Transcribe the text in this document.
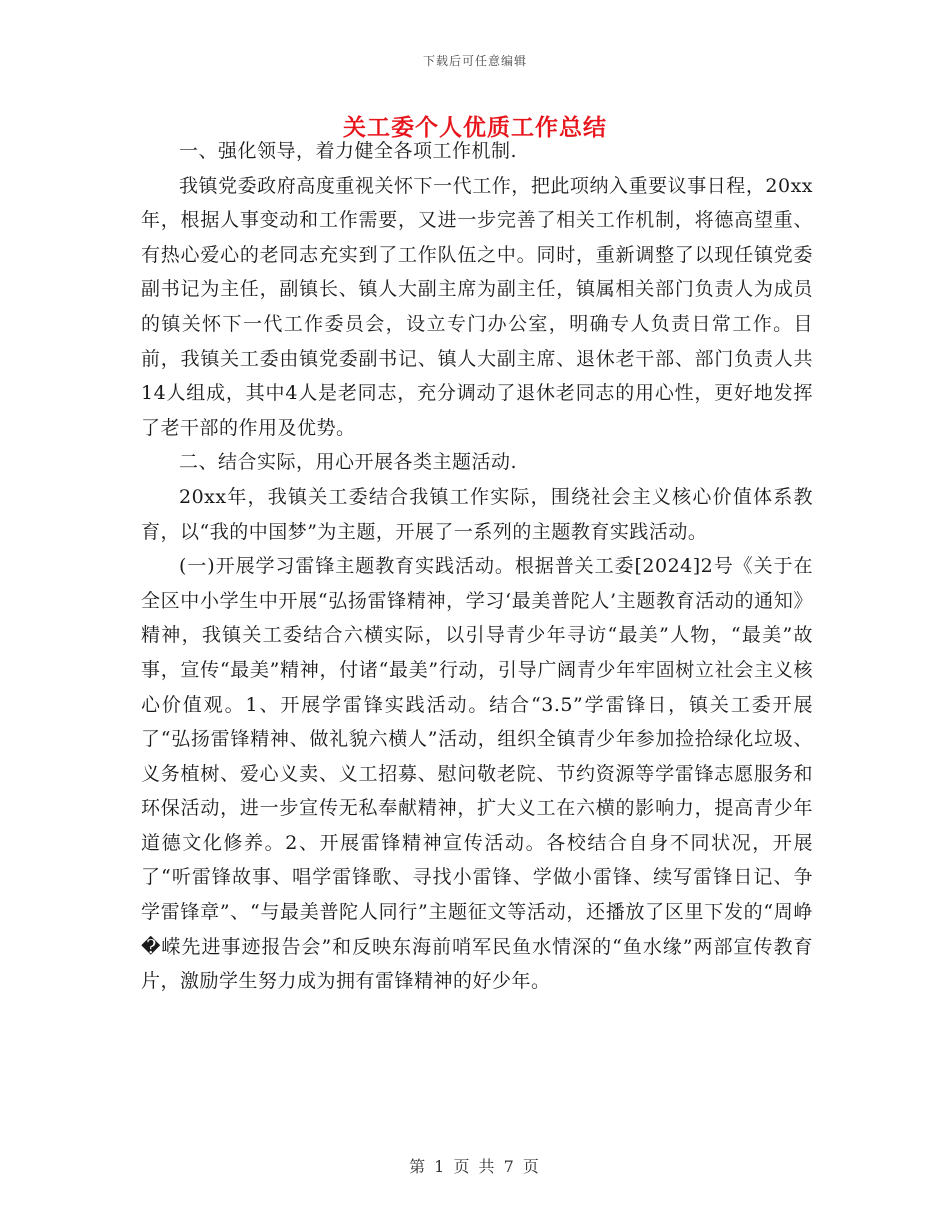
下载后可任意编辑
关工委个人优质工作总结

一、强化领导，着力健全各项工作机制.

我镇党委政府高度重视关怀下一代工作，把此项纳入重要议事日程，20xx年，根据人事变动和工作需要，又进一步完善了相关工作机制，将德高望重、有热心爱心的老同志充实到了工作队伍之中。同时，重新调整了以现任镇党委副书记为主任，副镇长、镇人大副主席为副主任，镇属相关部门负责人为成员的镇关怀下一代工作委员会，设立专门办公室，明确专人负责日常工作。目前，我镇关工委由镇党委副书记、镇人大副主席、退休老干部、部门负责人共14人组成，其中4人是老同志，充分调动了退休老同志的用心性，更好地发挥了老干部的作用及优势。

二、结合实际，用心开展各类主题活动.

20xx年，我镇关工委结合我镇工作实际，围绕社会主义核心价值体系教育，以“我的中国梦”为主题，开展了一系列的主题教育实践活动。

(一)开展学习雷锋主题教育实践活动。根据普关工委[2024]2号《关于在全区中小学生中开展“弘扬雷锋精神，学习‘最美普陀人’主题教育活动的通知》精神，我镇关工委结合六横实际，以引导青少年寻访“最美”人物，“最美”故事，宣传“最美”精神，付诸“最美”行动，引导广阔青少年牢固树立社会主义核心价值观。1、开展学雷锋实践活动。结合“3.5”学雷锋日，镇关工委开展了“弘扬雷锋精神、做礼貌六横人”活动，组织全镇青少年参加捡拾绿化垃圾、义务植树、爱心义卖、义工招募、慰问敬老院、节约资源等学雷锋志愿服务和环保活动，进一步宣传无私奉献精神，扩大义工在六横的影响力，提高青少年道德文化修养。2、开展雷锋精神宣传活动。各校结合自身不同状况，开展了“听雷锋故事、唱学雷锋歌、寻找小雷锋、学做小雷锋、续写雷锋日记、争学雷锋章”、“与最美普陀人同行”主题征文等活动，还播放了区里下发的“周峥�嵘先进事迹报告会”和反映东海前哨军民鱼水情深的“鱼水缘”两部宣传教育片，激励学生努力成为拥有雷锋精神的好少年。

第 1 页 共 7 页
